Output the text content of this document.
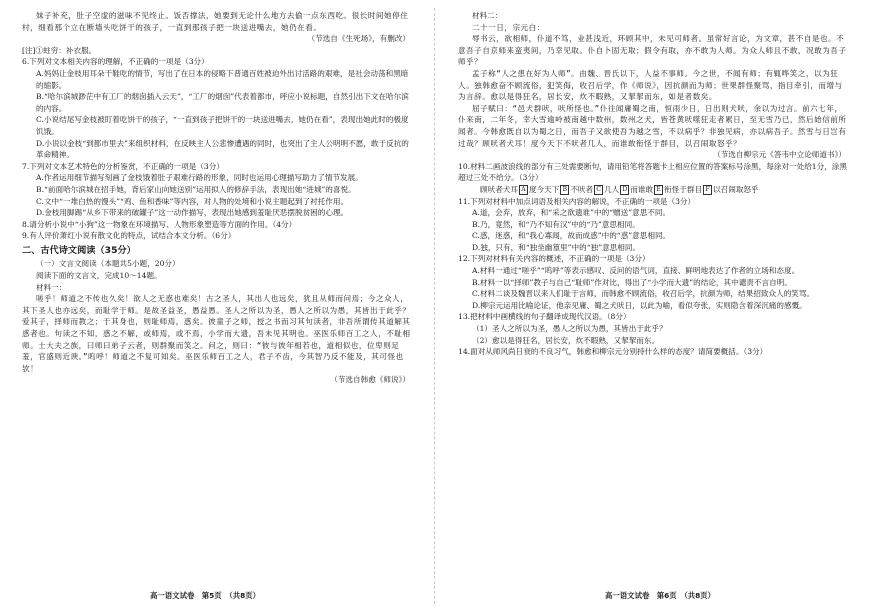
妹子补充，肚子空虚的滋味不见终止。饭否撑法，她要到无论什么地方去偷一点东西吃。很长时间她停住村，细看那个立在断墙头吃饼干的孩子，一直到那孩子把一块送进嘴去，她仍在看。

（节选自《生死场》，有删改）

[注]①蛀穷：补衣服。

6.下列对文本相关内容的理解，不正确的一项是（3分）

A.妈妈让金枝用耳朵干鞋吃的情节，写出了在日本的侵略下普通百姓被迫外出讨活路的艰难，是社会动荡和黑暗的缩影。

B.“哈尔滨城渺茫中有工厂的烟囱插入云天”，“工厂的烟囱”代表着都市，呼应小说标题，自然引出下文在哈尔滨的内容。

C.小说结尾写金枝被盯着吃饼干的孩子，“一直到孩子把饼干的一块送进嘴去，她仍在看”，表现出她此时的极度饥饿。

D.小说以金枝“到都市里去”来组织材料，在反映主人公悲惨遭遇的同时，也突出了主人公明明不愿，敢于反抗的革命精神。

7.下列对文本艺术特色的分析鉴赏，不正确的一项是（3分）

A.作者运用细节描写刻画了金枝饿着肚子艰难行路的形象，同时也运用心理描写助力了情节发展。

B.“前面哈尔滨城在招手她，背后家山向她送别”运用拟人的修辞手法，表现出她“进城”的喜悦。

C.文中“一堆白热的馒头”“鸡、鱼和香味”等内容，对人物的处境和小说主题起到了衬托作用。

D.金枝用脚踢“从乡下带来的破罐子”这一动作描写，表现出她感到羞耻厌恶摆脱贫困的心理。

8.请分析小说中“小狗”这一物象在环境描写、人物形象塑造等方面的作用。（4分）

9.有人评价萧红小说有散文化的特点，试结合本文分析。（6分）

二、古代诗文阅读（35分）

（一）文言文阅读（本题共5小题，20分）

阅读下面的文言文，完成10～14题。

材料一：

嗟乎！师道之不传也久矣！欲人之无惑也难矣！古之圣人，其出人也远矣，犹且从师而问焉；今之众人，其下圣人也亦远矣，而耻学于师。是故圣益圣，愚益愚。圣人之所以为圣，愚人之所以为愚，其皆出于此乎？爱其子，择师而教之；于其身也，则耻师焉，惑矣。彼童子之师，授之书而习其句读者，非吾所谓传其道解其惑者也。句读之不知，惑之不解，或师焉，或不焉，小学而大遗，吾未见其明也。巫医乐师百工之人，不耻相师。士大夫之族，曰师曰弟子云者，则群聚而笑之。问之，则曰：“彼与彼年相若也，道相似也，位卑则足羞，官盛则近谀。”呜呼！师道之不复可知矣。巫医乐师百工之人，君子不齿，今其智乃反不能及，其可怪也欤！

（节选自韩愈《师说》）

材料二：

二十一日，宗元白：

辱书云，欲相师，仆道不笃，业甚浅近，环顾其中，未见可师者。虽常好言论，为文章，甚不自是也。不意吾子自京师来蛮夷间，乃幸见取。仆自卜固无取；假令有取，亦不敢为人师。为众人师且不敢，况敢为吾子师乎？

孟子称“人之患在好为人师”。由魏、晋氏以下，人益不事师。今之世，不闻有师；有辄哗笑之，以为狂人。独韩愈奋不顾流俗，犯笑侮，收召后学，作《师说》，因抗颜而为师；世果群怪聚骂，指目牵引，而增与为言辞。愈以是得狂名，居长安，炊不暇熟，又挈挈而东，如是者数矣。

屈子赋曰：“邑犬群吠，吠所怪也。”仆往闻庸蜀之南，恒雨少日，日出则犬吠，余以为过言。前六七年，仆来南，二年冬，幸大雪逾岭被南越中数州，数州之犬，皆苍黄吠噬狂走者累日，至无雪乃已，然后始信前所闻者。今韩愈既自以为蜀之日，而吾子又欲使吾为越之雪，不以病乎？非独见病，亦以病吾子。然雪与日岂有过哉？顾吠者犬耳！度今天下不吠者几人，而谁敢衔怪于群目，以召闹取怒乎？

（节选自柳宗元《答韦中立论师道书》）

10.材料二画波浪线的部分有三处需要断句，请用铅笔将答题卡上相应位置的答案标号涂黑，每涂对一处给1分，涂黑超过三处不给分。（3分）

顾吠者犬耳 A 度今天下 B 不吠者 C 几人 D 而谁敢 E 衔怪于群目 F 以召闹取怒乎

11.下列对材料中加点词语及相关内容的解说，不正确的一项是（3分）

A.道，会弃，放弃，和“采之欲遗谁”中的“赠送”意思不同。

B.乃，竟然，和“乃不知有汉”中的“乃”意思相同。

C.惑，迷惑，和“我心寡闻，故而成惑”中的“惑”意思相同。

D.独，只有，和“独坐幽篁里”中的“独”意思相同。

12.下列对材料有关内容的概述，不正确的一项是（3分）

A.材料一通过“嗟乎”“呜呼”等表示感叹、反问的语气词，直接、鲜明地表达了作者的立场和态度。

B.材料一以“择师”教子与自己“耻师”作对比，得出了“小学而大遗”的结论，其中谴责不言自明。

C.材料二谈及魏晋以来人们耻于言师，而韩愈不顾流俗，收召后学，抗颜为师，结果招致众人的笑骂。

D.柳宗元运用比喻论证，他亲见庸、蜀之犬吠日，以此为喻，看似夸张，实则隐含着深沉痛的感慨。

13.把材料中画横线的句子翻译成现代汉语。（8分）

（1）圣人之所以为圣，愚人之所以为愚，其皆出于此乎？

（2）愈以是得狂名，居长安，炊不暇熟，又挈挈而东。

14.面对从师风尚日衰的不良习气，韩愈和柳宗元分别持什么样的态度？请简要概括。（3分）

高一语文试卷　第5页　（共8页）	高一语文试卷　第6页　（共8页）
